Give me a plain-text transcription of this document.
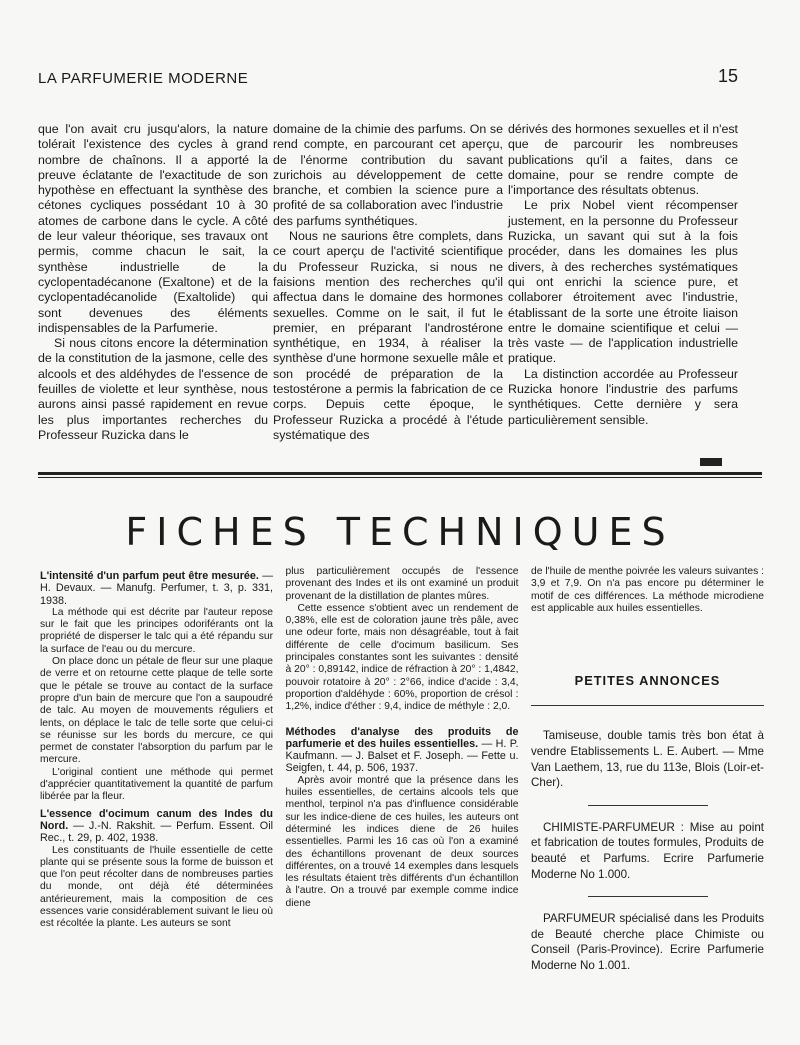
LA PARFUMERIE MODERNE	15

que l'on avait cru jusqu'alors, la nature tolérait l'existence des cycles à grand nombre de chaînons. Il a apporté la preuve éclatante de l'exactitude de son hypothèse en effectuant la synthèse des cétones cycliques possédant 10 à 30 atomes de carbone dans le cycle. A côté de leur valeur théorique, ses travaux ont permis, comme chacun le sait, la synthèse industrielle de la cyclopentadécanone (Exaltone) et de la cyclopentadécanolide (Exaltolide) qui sont devenues des éléments indispensables de la Parfumerie.

Si nous citons encore la détermination de la constitution de la jasmone, celle des alcools et des aldéhydes de l'essence de feuilles de violette et leur synthèse, nous aurons ainsi passé rapidement en revue les plus importantes recherches du Professeur Ruzicka dans le

domaine de la chimie des parfums. On se rend compte, en parcourant cet aperçu, de l'énorme contribution du savant zurichois au développement de cette branche, et combien la science pure a profité de sa collaboration avec l'industrie des parfums synthétiques.

Nous ne saurions être complets, dans ce court aperçu de l'activité scientifique du Professeur Ruzicka, si nous ne faisions mention des recherches qu'il affectua dans le domaine des hormones sexuelles. Comme on le sait, il fut le premier, en préparant l'androstérone synthétique, en 1934, à réaliser la synthèse d'une hormone sexuelle mâle et son procédé de préparation de la testostérone a permis la fabrication de ce corps. Depuis cette époque, le Professeur Ruzicka a procédé à l'étude systématique des

dérivés des hormones sexuelles et il n'est que de parcourir les nombreuses publications qu'il a faites, dans ce domaine, pour se rendre compte de l'importance des résultats obtenus.

Le prix Nobel vient récompenser justement, en la personne du Professeur Ruzicka, un savant qui sut à la fois procéder, dans les domaines les plus divers, à des recherches systématiques qui ont enrichi la science pure, et collaborer étroitement avec l'industrie, établissant de la sorte une étroite liaison entre le domaine scientifique et celui — très vaste — de l'application industrielle pratique.

La distinction accordée au Professeur Ruzicka honore l'industrie des parfums synthétiques. Cette dernière y sera particulièrement sensible.

FICHES TECHNIQUES

L'intensité d'un parfum peut être mesurée. — H. Devaux. — Manufg. Perfumer, t. 3, p. 331, 1938.

La méthode qui est décrite par l'auteur repose sur le fait que les principes odoriférants ont la propriété de disperser le talc qui a été répandu sur la surface de l'eau ou du mercure.

On place donc un pétale de fleur sur une plaque de verre et on retourne cette plaque de telle sorte que le pétale se trouve au contact de la surface propre d'un bain de mercure que l'on a saupoudré de talc. Au moyen de mouvements réguliers et lents, on déplace le talc de telle sorte que celui-ci se réunisse sur les bords du mercure, ce qui permet de constater l'absorption du parfum par le mercure.

L'original contient une méthode qui permet d'apprécier quantitativement la quantité de parfum libérée par la fleur.

L'essence d'ocimum canum des Indes du Nord. — J.-N. Rakshit. — Perfum. Essent. Oil Rec., t. 29, p. 402, 1938.

Les constituants de l'huile essentielle de cette plante qui se présente sous la forme de buisson et que l'on peut récolter dans de nombreuses parties du monde, ont déjà été déterminées antérieurement, mais la composition de ces essences varie considérablement suivant le lieu où est récoltée la plante. Les auteurs se sont

plus particulièrement occupés de l'essence provenant des Indes et ils ont examiné un produit provenant de la distillation de plantes mûres.

Cette essence s'obtient avec un rendement de 0,38%, elle est de coloration jaune très pâle, avec une odeur forte, mais non désagréable, tout à fait différente de celle d'ocimum basilicum. Ses principales constantes sont les suivantes : densité à 20° : 0,89142, indice de réfraction à 20° : 1,4842, pouvoir rotatoire à 20° : 2°66, indice d'acide : 3,4, proportion d'aldéhyde : 60%, proportion de crésol : 1,2%, indice d'éther : 9,4, indice de méthyle : 2,0.

Méthodes d'analyse des produits de parfumerie et des huiles essentielles. — H. P. Kaufmann. — J. Balset et F. Joseph. — Fette u. Seigfen, t. 44, p. 506, 1937.

Après avoir montré que la présence dans les huiles essentielles, de certains alcools tels que menthol, terpinol n'a pas d'influence considérable sur les indice-diene de ces huiles, les auteurs ont déterminé les indices diene de 26 huiles essentielles. Parmi les 16 cas où l'on a examiné des échantillons provenant de deux sources différentes, on a trouvé 14 exemples dans lesquels les résultats étaient très différents d'un échantillon à l'autre. On a trouvé par exemple comme indice diene

de l'huile de menthe poivrée les valeurs suivantes : 3,9 et 7,9. On n'a pas encore pu déterminer le motif de ces différences. La méthode microdiene est applicable aux huiles essentielles.

PETITES ANNONCES

Tamiseuse, double tamis très bon état à vendre Etablissements L. E. Aubert. — Mme Van Laethem, 13, rue du 113e, Blois (Loir-et-Cher).

CHIMISTE-PARFUMEUR : Mise au point et fabrication de toutes formules, Produits de beauté et Parfums. Ecrire Parfumerie Moderne No 1.000.

PARFUMEUR spécialisé dans les Produits de Beauté cherche place Chimiste ou Conseil (Paris-Province). Ecrire Parfumerie Moderne No 1.001.
